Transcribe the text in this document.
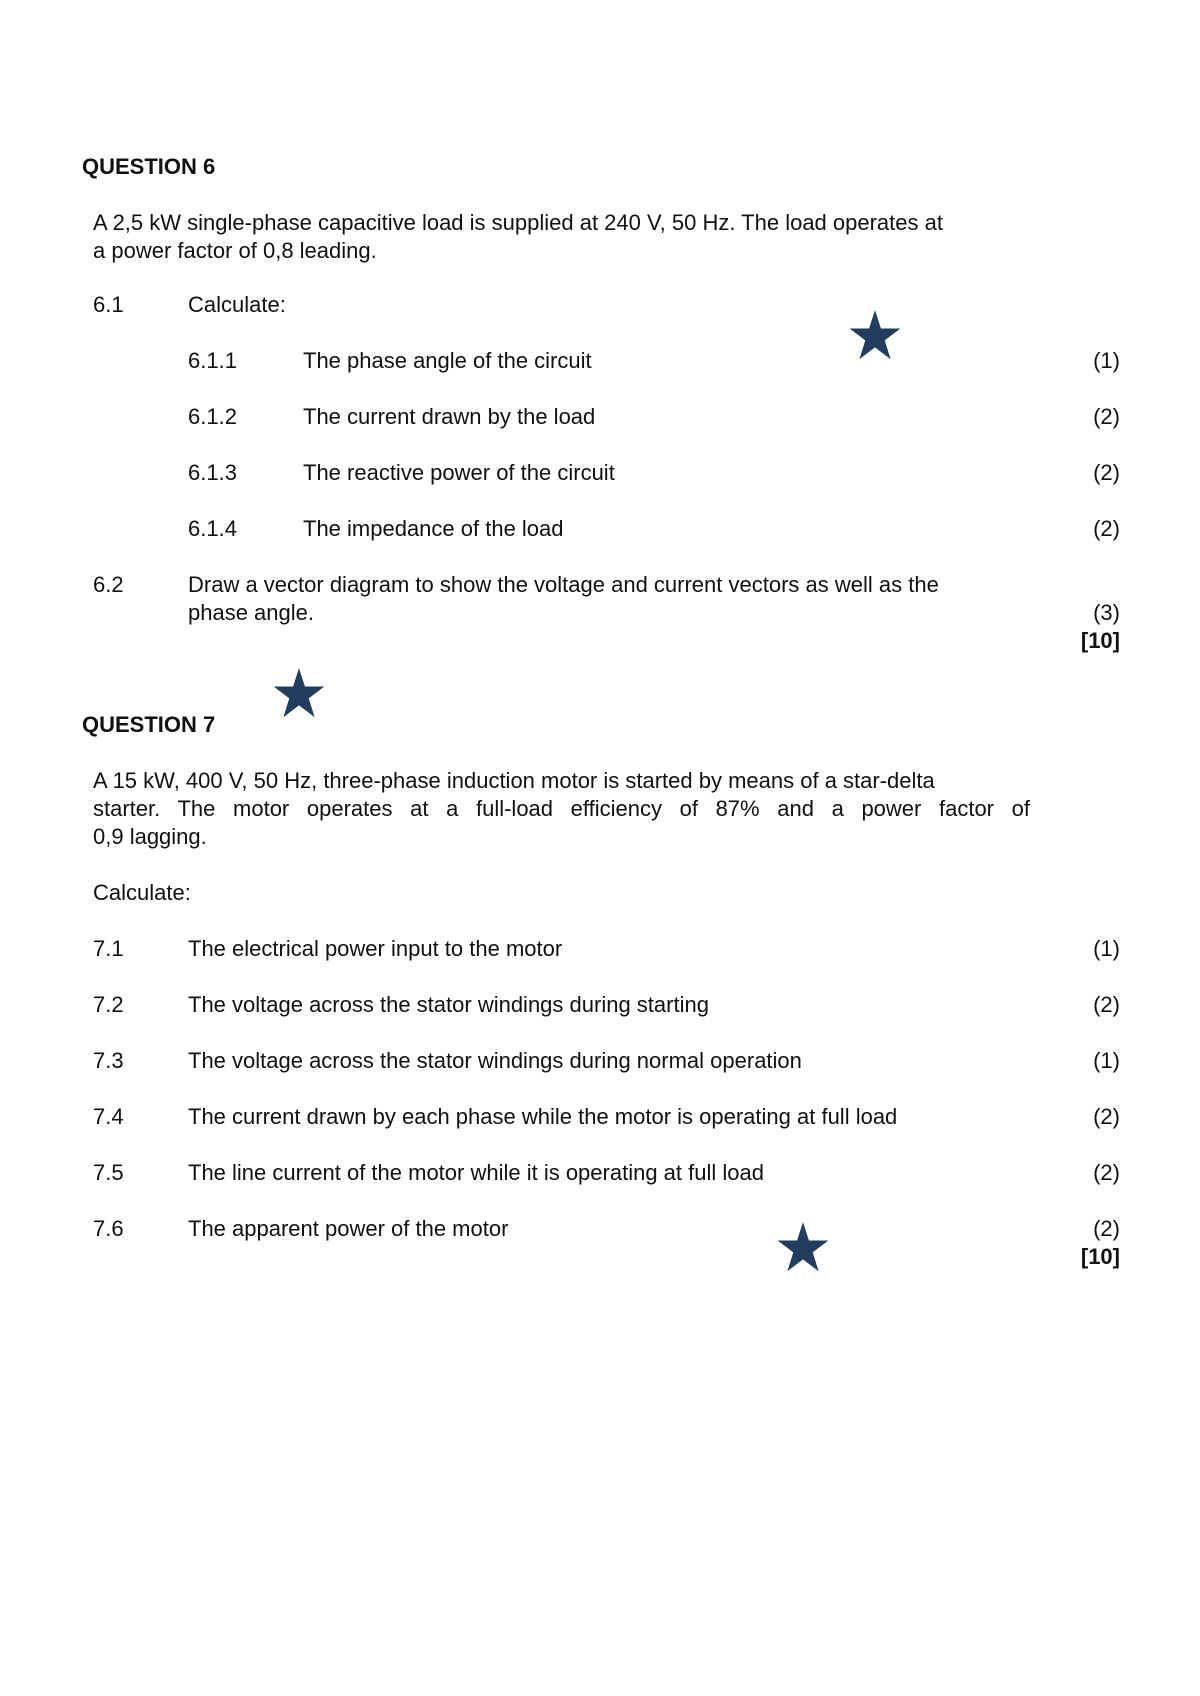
QUESTION 6
A 2,5 kW single-phase capacitive load is supplied at 240 V, 50 Hz. The load operates at
a power factor of 0,8 leading.
6.1	Calculate:
6.1.1	The phase angle of the circuit	(1)
6.1.2	The current drawn by the load	(2)
6.1.3	The reactive power of the circuit	(2)
6.1.4	The impedance of the load	(2)
6.2	Draw a vector diagram to show the voltage and current vectors as well as the
phase angle.	(3)
[10]
QUESTION 7
A 15 kW, 400 V, 50 Hz, three-phase induction motor is started by means of a star-delta
starter. The motor operates at a full-load efficiency of 87% and a power factor of
0,9 lagging.
Calculate:
7.1	The electrical power input to the motor	(1)
7.2	The voltage across the stator windings during starting	(2)
7.3	The voltage across the stator windings during normal operation	(1)
7.4	The current drawn by each phase while the motor is operating at full load	(2)
7.5	The line current of the motor while it is operating at full load	(2)
7.6	The apparent power of the motor	(2)
[10]
